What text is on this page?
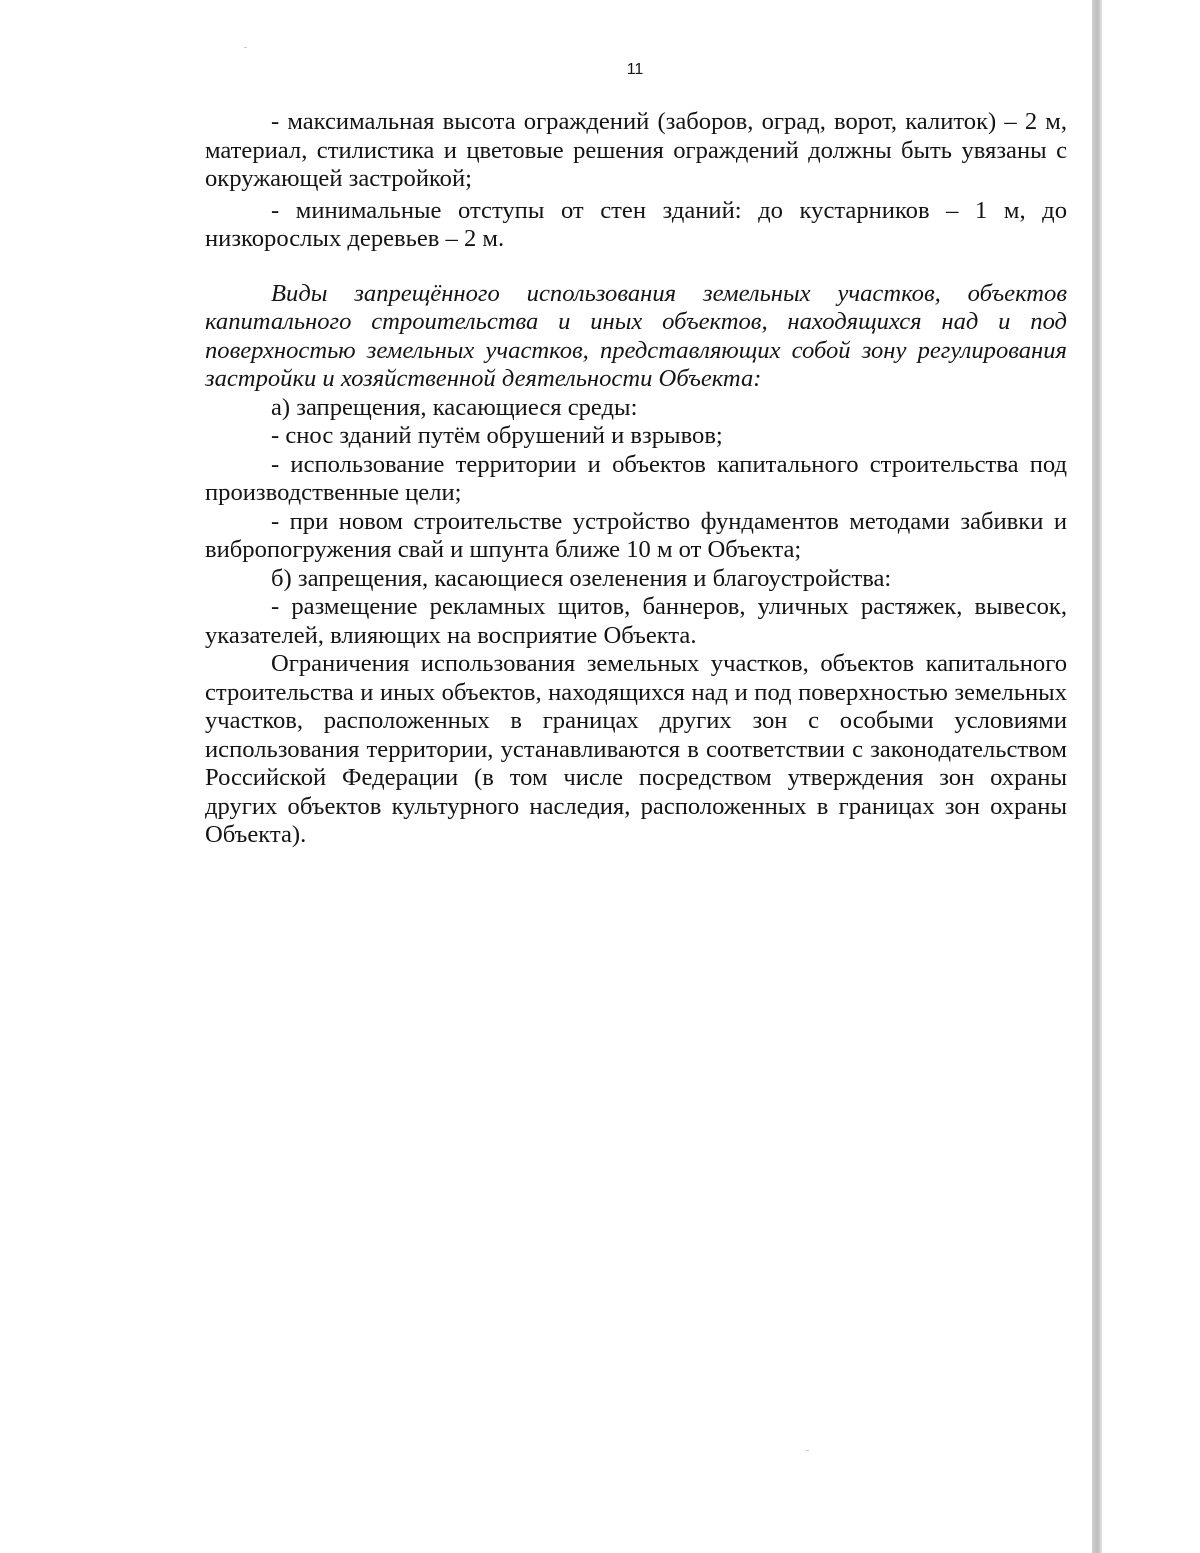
11

- максимальная высота ограждений (заборов, оград, ворот, калиток) – 2 м, материал, стилистика и цветовые решения ограждений должны быть увязаны с окружающей застройкой;

- минимальные отступы от стен зданий: до кустарников – 1 м, до низкорослых деревьев – 2 м.

Виды запрещённого использования земельных участков, объектов капитального строительства и иных объектов, находящихся над и под поверхностью земельных участков, представляющих собой зону регулирования застройки и хозяйственной деятельности Объекта:

а) запрещения, касающиеся среды:

- снос зданий путём обрушений и взрывов;

- использование территории и объектов капитального строительства под производственные цели;

- при новом строительстве устройство фундаментов методами забивки и вибропогружения свай и шпунта ближе 10 м от Объекта;

б) запрещения, касающиеся озеленения и благоустройства:

- размещение рекламных щитов, баннеров, уличных растяжек, вывесок, указателей, влияющих на восприятие Объекта.

Ограничения использования земельных участков, объектов капитального строительства и иных объектов, находящихся над и под поверхностью земельных участков, расположенных в границах других зон с особыми условиями использования территории, устанавливаются в соответствии с законодательством Российской Федерации (в том числе посредством утверждения зон охраны других объектов культурного наследия, расположенных в границах зон охраны Объекта).
